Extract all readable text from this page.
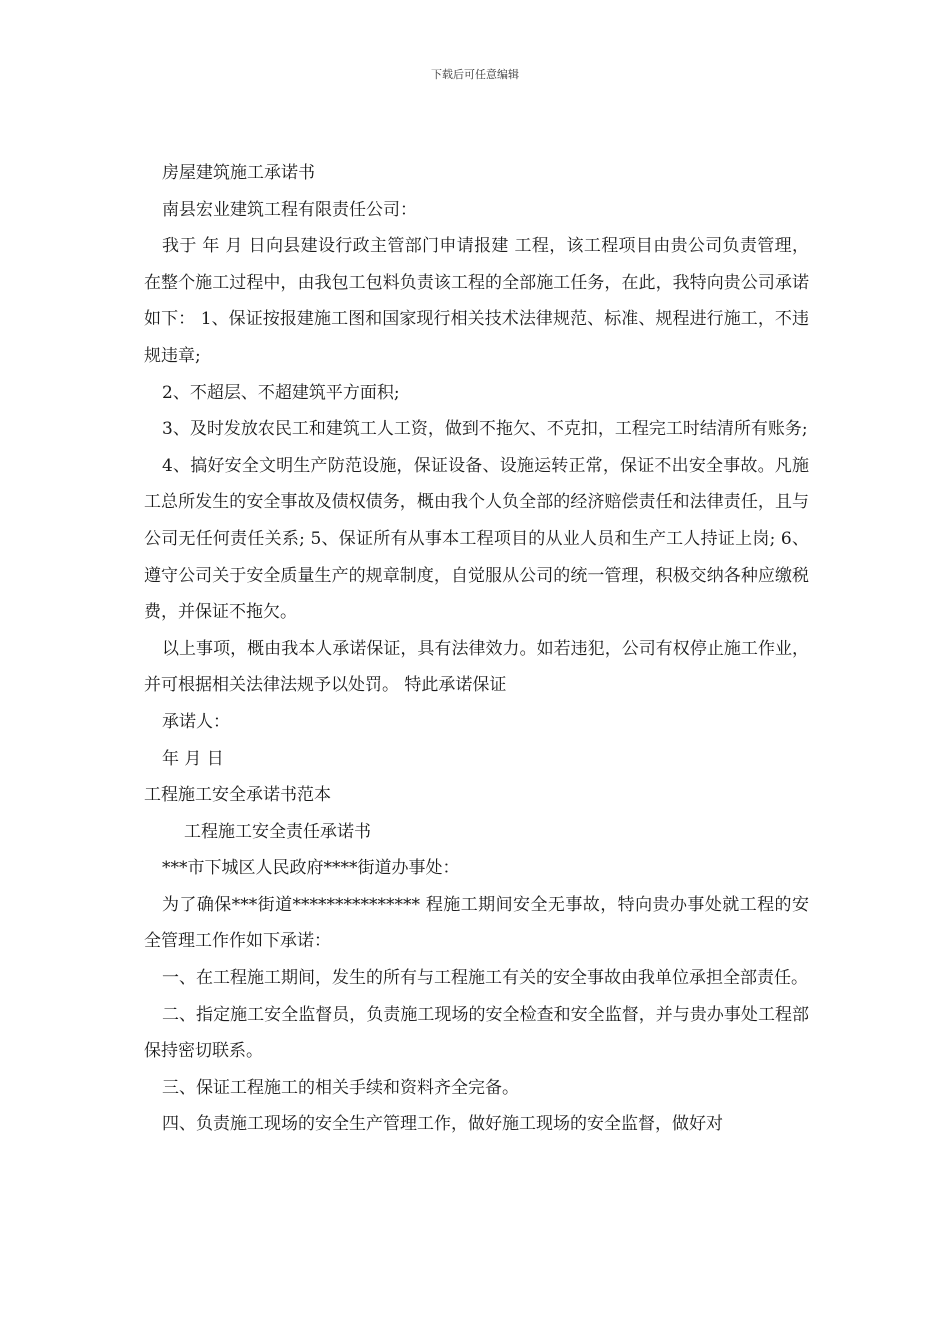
下载后可任意编辑

房屋建筑施工承诺书

南县宏业建筑工程有限责任公司：

我于 年 月 日向县建设行政主管部门申请报建 工程，该工程项目由贵公司负责管理，在整个施工过程中，由我包工包料负责该工程的全部施工任务，在此，我特向贵公司承诺如下： 1、保证按报建施工图和国家现行相关技术法律规范、标准、规程进行施工，不违规违章;

2、不超层、不超建筑平方面积;

3、及时发放农民工和建筑工人工资，做到不拖欠、不克扣，工程完工时结清所有账务;

4、搞好安全文明生产防范设施，保证设备、设施运转正常，保证不出安全事故。凡施工总所发生的安全事故及债权债务，概由我个人负全部的经济赔偿责任和法律责任，且与公司无任何责任关系; 5、保证所有从事本工程项目的从业人员和生产工人持证上岗; 6、遵守公司关于安全质量生产的规章制度，自觉服从公司的统一管理，积极交纳各种应缴税费，并保证不拖欠。

以上事项，概由我本人承诺保证，具有法律效力。如若违犯，公司有权停止施工作业，并可根据相关法律法规予以处罚。 特此承诺保证

承诺人：

年 月 日

工程施工安全承诺书范本

工程施工安全责任承诺书

***市下城区人民政府****街道办事处：

为了确保***街道*************** 程施工期间安全无事故，特向贵办事处就工程的安全管理工作作如下承诺：

一、在工程施工期间，发生的所有与工程施工有关的安全事故由我单位承担全部责任。

二、指定施工安全监督员，负责施工现场的安全检查和安全监督，并与贵办事处工程部保持密切联系。

三、保证工程施工的相关手续和资料齐全完备。

四、负责施工现场的安全生产管理工作，做好施工现场的安全监督，做好对
